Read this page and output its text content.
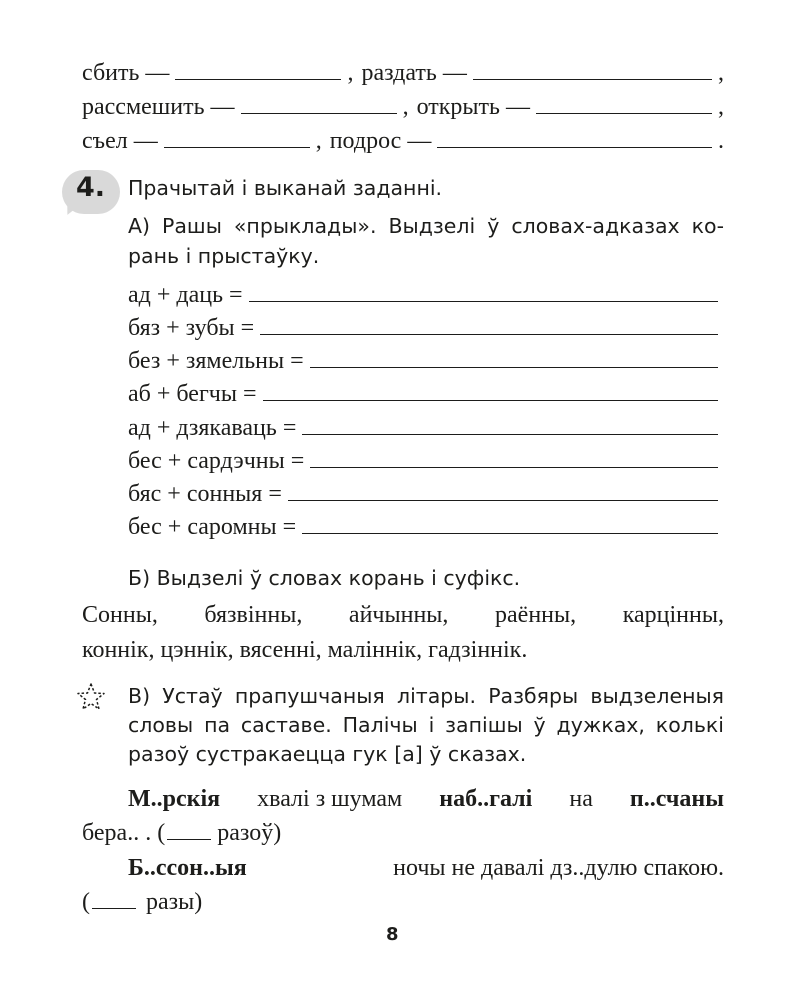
сбить —	, раздать —	,
рассмешить —	, открыть —	,
съел —	, подрос —	.
4. Прачытай і выканай заданні.
А) Рашы «прыклады». Выдзелі ў словах-адказах ко-
рань і прыстаўку.
ад + даць =
бяз + зубы =
без + зямельны =
аб + бегчы =
ад + дзякаваць =
бес + сардэчны =
бяс + сонныя =
бес + саромны =
Б) Выдзелі ў словах корань і суфікс.
Сонны, бязвінны, айчынны, раённы, карцінны,
коннік, цэннік, вясенні, маліннік, гадзіннік.
В) Устаў прапушчаныя літары. Разбяры выдзеленыя
словы па саставе. Палічы і запішы ў дужках, колькі
разоў сустракаецца гук [а] ў сказах.
М..рскія хвалі з шумам наб..галі на п..счаны
бера.. . ( разоў)
Б..ссон..ыя	ночы не давалі дз..дулю спакою.
( разы)
8
